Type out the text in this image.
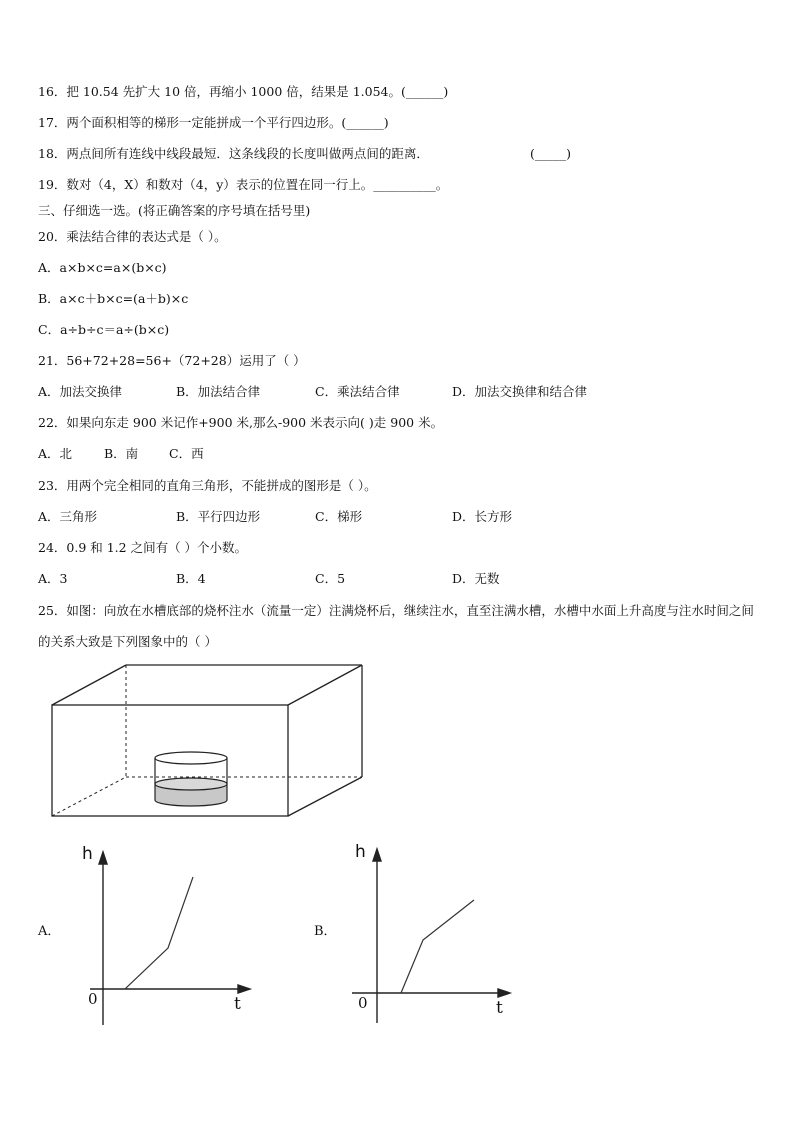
16．把 10.54 先扩大 10 倍，再缩小 1000 倍，结果是 1.054。(______)
17．两个面积相等的梯形一定能拼成一个平行四边形。(______)
18．两点间所有连线中线段最短．这条线段的长度叫做两点间的距离．	(_____)
19．数对（4，X）和数对（4，y）表示的位置在同一行上。__________。
三、仔细选一选。(将正确答案的序号填在括号里)
20．乘法结合律的表达式是（ ）。
A．a×b×c=a×(b×c)
B．a×c＋b×c=(a＋b)×c
C．a÷b÷c＝a÷(b×c)
21．56+72+28=56+（72+28）运用了（ ）
A．加法交换律	B．加法结合律	C．乘法结合律	D．加法交换律和结合律
22．如果向东走 900 米记作+900 米,那么-900 米表示向( )走 900 米。
A．北	B．南 C．西
23．用两个完全相同的直角三角形，不能拼成的图形是（ ）。
A．三角形	B．平行四边形	C．梯形	D．长方形
24．0.9 和 1.2 之间有（ ）个小数。
A．3	B．4	C．5	D．无数
25．如图：向放在水槽底部的烧杯注水（流量一定）注满烧杯后，继续注水，直至注满水槽，水槽中水面上升高度与注水时间之间的关系大致是下列图象中的（ ）
A．
h
0	t
B．
h
0	t
